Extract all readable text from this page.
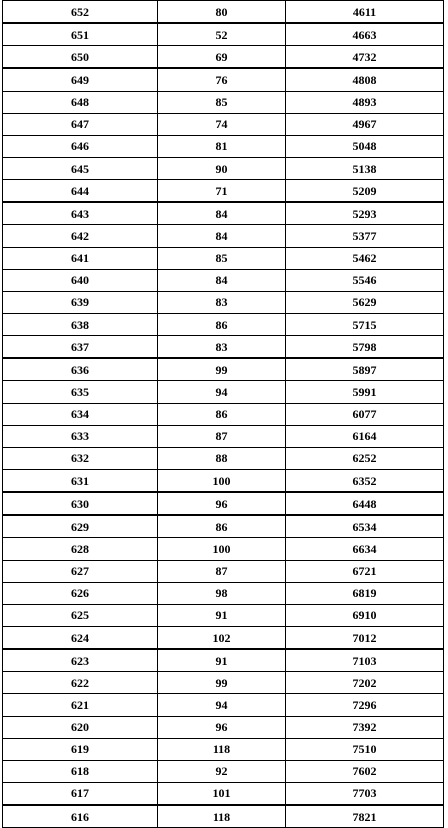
652	80	4611
651	52	4663
650	69	4732
649	76	4808
648	85	4893
647	74	4967
646	81	5048
645	90	5138
644	71	5209
643	84	5293
642	84	5377
641	85	5462
640	84	5546
639	83	5629
638	86	5715
637	83	5798
636	99	5897
635	94	5991
634	86	6077
633	87	6164
632	88	6252
631	100	6352
630	96	6448
629	86	6534
628	100	6634
627	87	6721
626	98	6819
625	91	6910
624	102	7012
623	91	7103
622	99	7202
621	94	7296
620	96	7392
619	118	7510
618	92	7602
617	101	7703
616	118	7821
